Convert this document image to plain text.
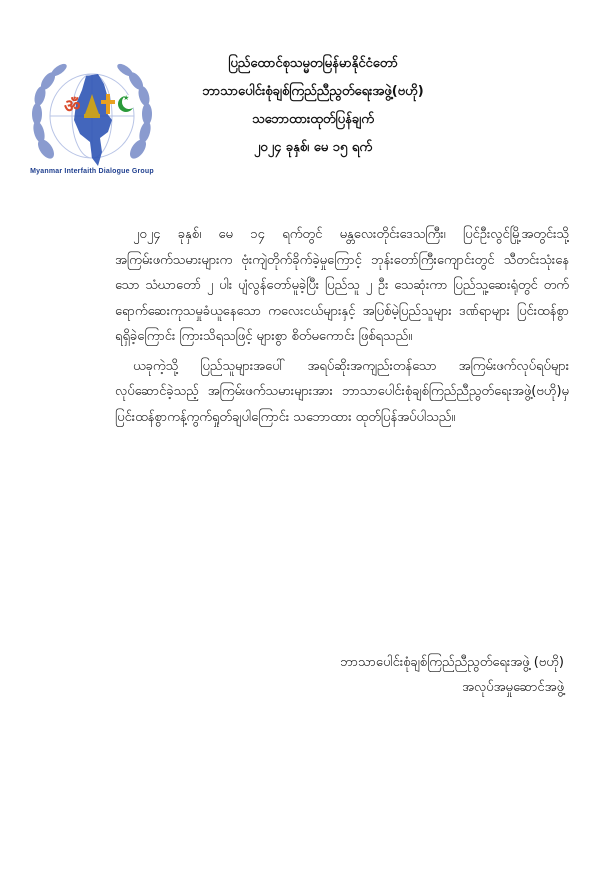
ॐ	★
Myanmar Interfaith Dialogue Group
ပြည်ထောင်စုသမ္မတမြန်မာနိုင်ငံတော်
ဘာသာပေါင်းစုံချစ်ကြည်ညီညွတ်ရေးအဖွဲ့(ဗဟို)
သဘောထားထုတ်ပြန်ချက်
၂၀၂၄ ခုနှစ်၊ မေ ၁၅ ရက်

၂၀၂၄ ခုနှစ်၊ မေ ၁၄ ရက်တွင် မန္တလေးတိုင်းဒေသကြီး၊ ပြင်ဦးလွင်မြို့အတွင်းသို့ အကြမ်းဖက်သမားများက ဗုံးကျဲတိုက်ခိုက်ခဲ့မှုကြောင့် ဘုန်းတော်ကြီးကျောင်းတွင် သီတင်းသုံးနေသော သံဃာတော် ၂ ပါး ပျံလွန်တော်မူခဲ့ပြီး ပြည်သူ ၂ ဦး သေဆုံးကာ ပြည်သူ့ဆေးရုံတွင် တက်ရောက်ဆေးကုသမှုခံယူနေသော ကလေးငယ်များနှင့် အပြစ်မဲ့ပြည်သူများ ဒဏ်ရာများ ပြင်းထန်စွာ ရရှိခဲ့ကြောင်း ကြားသိရသဖြင့် များစွာ စိတ်မကောင်း ဖြစ်ရသည်။

ယခုကဲ့သို့ ပြည်သူများအပေါ် အရပ်ဆိုးအကျည်းတန်သော အကြမ်းဖက်လုပ်ရပ်များ လုပ်ဆောင်ခဲ့သည့် အကြမ်းဖက်သမားများအား ဘာသာပေါင်းစုံချစ်ကြည်ညီညွတ်ရေးအဖွဲ့(ဗဟို)မှ ပြင်းထန်စွာကန့်ကွက်ရှုတ်ချပါကြောင်း သဘောထား ထုတ်ပြန်အပ်ပါသည်။

ဘာသာပေါင်းစုံချစ်ကြည်ညီညွတ်ရေးအဖွဲ့ (ဗဟို)
အလုပ်အမှုဆောင်အဖွဲ့
